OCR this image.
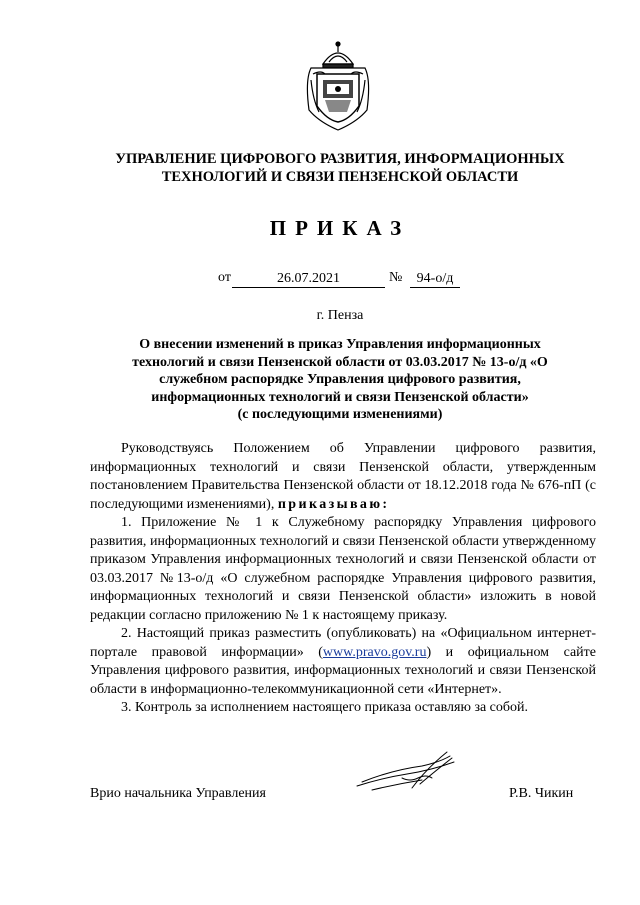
УПРАВЛЕНИЕ ЦИФРОВОГО РАЗВИТИЯ, ИНФОРМАЦИОННЫХ
ТЕХНОЛОГИЙ И СВЯЗИ ПЕНЗЕНСКОЙ ОБЛАСТИ
ПРИКАЗ
от	26.07.2021	№	94-о/д
г. Пенза
О внесении изменений в приказ Управления информационных
технологий и связи Пензенской области от 03.03.2017 № 13-о/д «О
служебном распорядке Управления цифрового развития,
информационных технологий и связи Пензенской области»
(с последующими изменениями)

Руководствуясь Положением об Управлении цифрового развития, информационных технологий и связи Пензенской области, утвержденным постановлением Правительства Пензенской области от 18.12.2018 года № 676-пП (с последующими изменениями), приказываю:

1. Приложение № 1 к Служебному распорядку Управления цифрового развития, информационных технологий и связи Пензенской области утвержденному приказом Управления информационных технологий и связи Пензенской области от 03.03.2017 №13-о/д «О служебном распорядке Управления цифрового развития, информационных технологий и связи Пензенской области» изложить в новой редакции согласно приложению № 1 к настоящему приказу.

2. Настоящий приказ разместить (опубликовать) на «Официальном интернет-портале правовой информации» (www.pravo.gov.ru) и официальном сайте Управления цифрового развития, информационных технологий и связи Пензенской области в информационно-телекоммуникационной сети «Интернет».

3. Контроль за исполнением настоящего приказа оставляю за собой.

Врио начальника Управления	Р.В. Чикин
